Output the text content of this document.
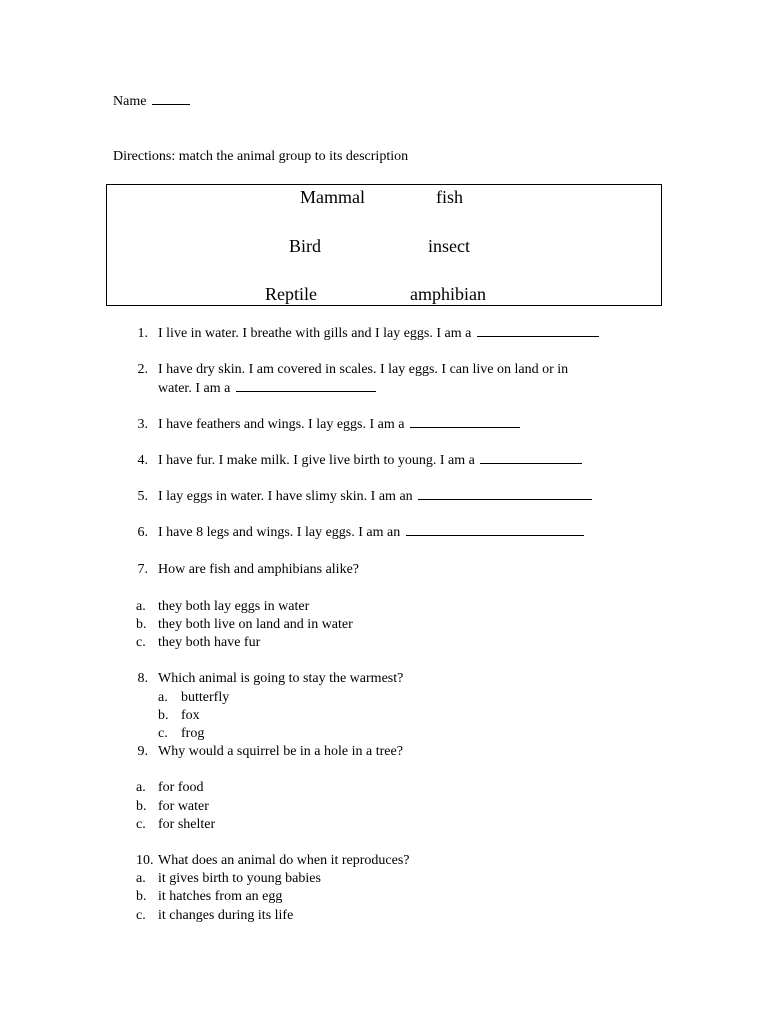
Name
Directions: match the animal group to its description
Mammal	fish
Bird	insect
Reptile	amphibian
1. I live in water. I breathe with gills and I lay eggs. I am a
2. I have dry skin. I am covered in scales. I lay eggs. I can live on land or in
water. I am a
3. I have feathers and wings. I lay eggs. I am a
4. I have fur. I make milk. I give live birth to young. I am a
5. I lay eggs in water. I have slimy skin. I am an
6. I have 8 legs and wings. I lay eggs. I am an
7. How are fish and amphibians alike?
a. they both lay eggs in water
b. they both live on land and in water
c. they both have fur
8. Which animal is going to stay the warmest?
a. butterfly
b. fox
c. frog
9. Why would a squirrel be in a hole in a tree?
a. for food
b. for water
c. for shelter
10. What does an animal do when it reproduces?
a. it gives birth to young babies
b. it hatches from an egg
c. it changes during its life
